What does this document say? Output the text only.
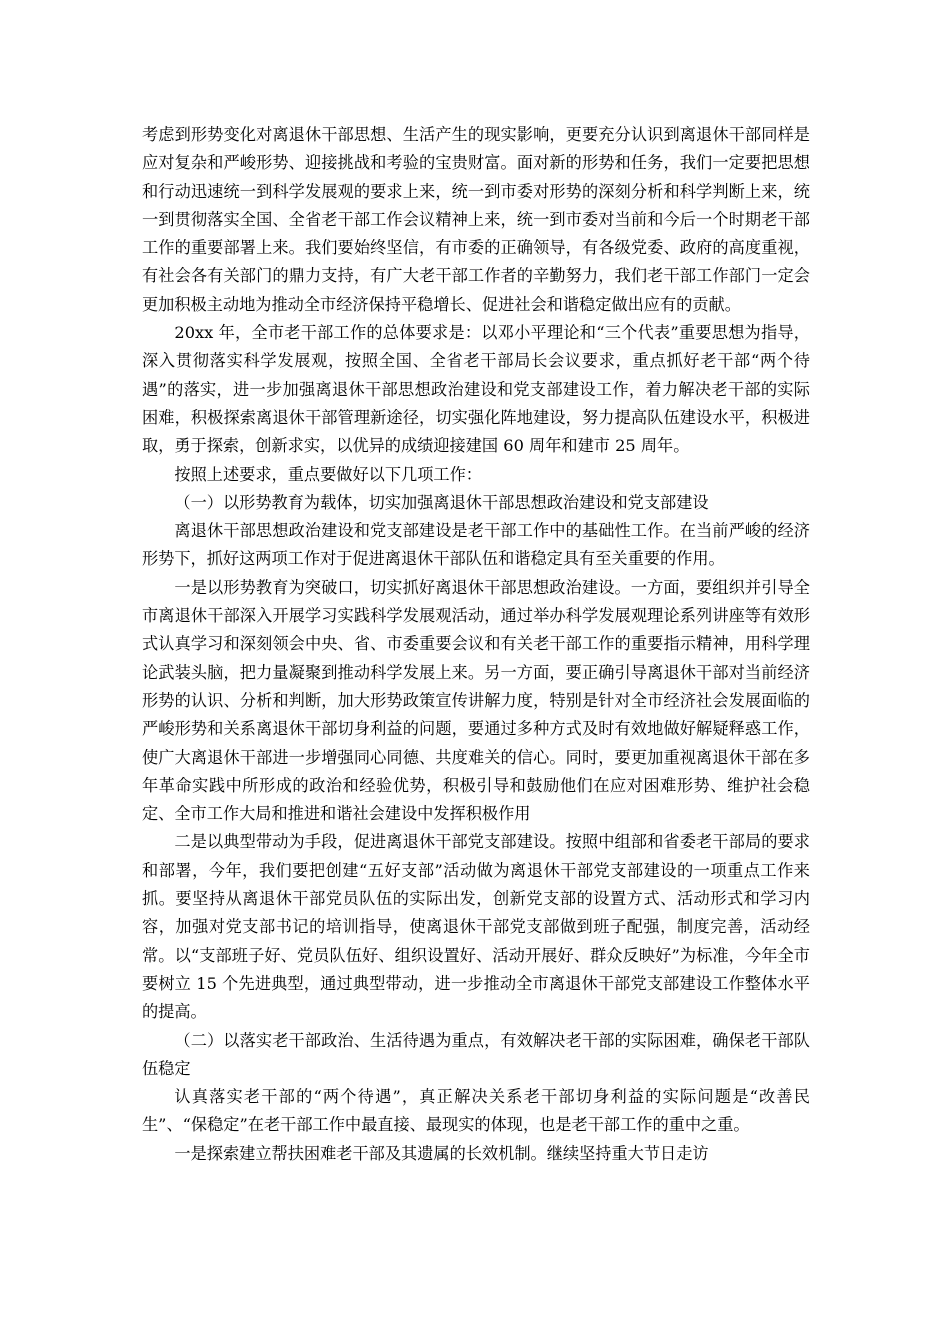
考虑到形势变化对离退休干部思想、生活产生的现实影响，更要充分认识到离退休干部同样是应对复杂和严峻形势、迎接挑战和考验的宝贵财富。面对新的形势和任务，我们一定要把思想和行动迅速统一到科学发展观的要求上来，统一到市委对形势的深刻分析和科学判断上来，统一到贯彻落实全国、全省老干部工作会议精神上来，统一到市委对当前和今后一个时期老干部工作的重要部署上来。我们要始终坚信，有市委的正确领导，有各级党委、政府的高度重视，有社会各有关部门的鼎力支持，有广大老干部工作者的辛勤努力，我们老干部工作部门一定会更加积极主动地为推动全市经济保持平稳增长、促进社会和谐稳定做出应有的贡献。

20xx 年，全市老干部工作的总体要求是：以邓小平理论和“三个代表”重要思想为指导，深入贯彻落实科学发展观，按照全国、全省老干部局长会议要求，重点抓好老干部“两个待遇”的落实，进一步加强离退休干部思想政治建设和党支部建设工作，着力解决老干部的实际困难，积极探索离退休干部管理新途径，切实强化阵地建设，努力提高队伍建设水平，积极进取，勇于探索，创新求实，以优异的成绩迎接建国 60 周年和建市 25 周年。

按照上述要求，重点要做好以下几项工作：

（一）以形势教育为载体，切实加强离退休干部思想政治建设和党支部建设

离退休干部思想政治建设和党支部建设是老干部工作中的基础性工作。在当前严峻的经济形势下，抓好这两项工作对于促进离退休干部队伍和谐稳定具有至关重要的作用。

一是以形势教育为突破口，切实抓好离退休干部思想政治建设。一方面，要组织并引导全市离退休干部深入开展学习实践科学发展观活动，通过举办科学发展观理论系列讲座等有效形式认真学习和深刻领会中央、省、市委重要会议和有关老干部工作的重要指示精神，用科学理论武装头脑，把力量凝聚到推动科学发展上来。另一方面，要正确引导离退休干部对当前经济形势的认识、分析和判断，加大形势政策宣传讲解力度，特别是针对全市经济社会发展面临的严峻形势和关系离退休干部切身利益的问题，要通过多种方式及时有效地做好解疑释惑工作，使广大离退休干部进一步增强同心同德、共度难关的信心。同时，要更加重视离退休干部在多年革命实践中所形成的政治和经验优势，积极引导和鼓励他们在应对困难形势、维护社会稳定、全市工作大局和推进和谐社会建设中发挥积极作用

二是以典型带动为手段，促进离退休干部党支部建设。按照中组部和省委老干部局的要求和部署，今年，我们要把创建“五好支部”活动做为离退休干部党支部建设的一项重点工作来抓。要坚持从离退休干部党员队伍的实际出发，创新党支部的设置方式、活动形式和学习内容，加强对党支部书记的培训指导，使离退休干部党支部做到班子配强，制度完善，活动经常。以“支部班子好、党员队伍好、组织设置好、活动开展好、群众反映好”为标准，今年全市要树立 15 个先进典型，通过典型带动，进一步推动全市离退休干部党支部建设工作整体水平的提高。

（二）以落实老干部政治、生活待遇为重点，有效解决老干部的实际困难，确保老干部队伍稳定

认真落实老干部的“两个待遇”，真正解决关系老干部切身利益的实际问题是“改善民生”、“保稳定”在老干部工作中最直接、最现实的体现，也是老干部工作的重中之重。

一是探索建立帮扶困难老干部及其遗属的长效机制。继续坚持重大节日走访
